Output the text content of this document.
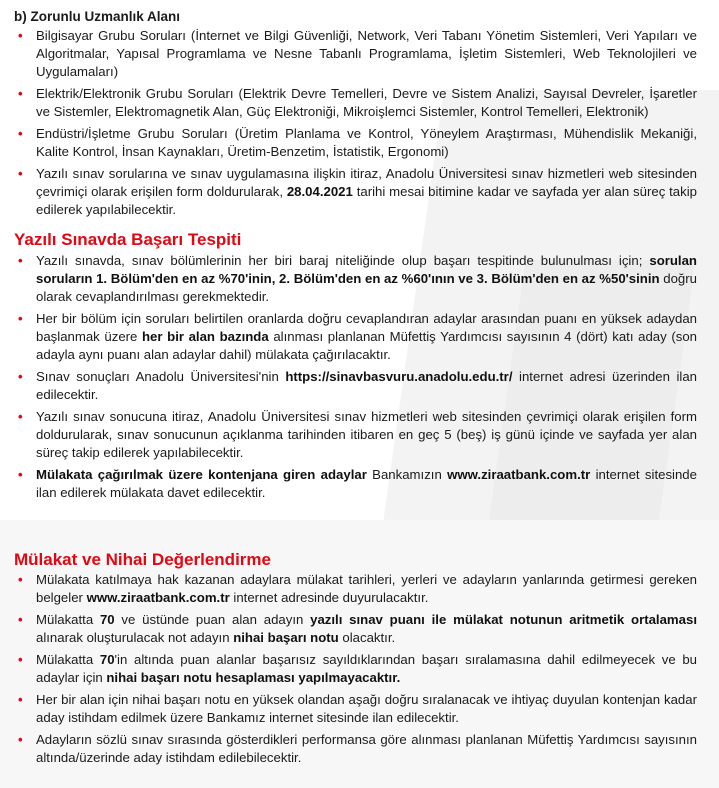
b) Zorunlu Uzmanlık Alanı
• Bilgisayar Grubu Soruları (İnternet ve Bilgi Güvenliği, Network, Veri Tabanı Yönetim Sistemleri, Veri Yapıları ve Algoritmalar, Yapısal Programlama ve Nesne Tabanlı Programlama, İşletim Sistemleri, Web Teknolojileri ve Uygulamaları)
• Elektrik/Elektronik Grubu Soruları (Elektrik Devre Temelleri, Devre ve Sistem Analizi, Sayısal Devreler, İşaretler ve Sistemler, Elektromagnetik Alan, Güç Elektroniği, Mikroişlemci Sistemler, Kontrol Temelleri, Elektronik)
• Endüstri/İşletme Grubu Soruları (Üretim Planlama ve Kontrol, Yöneylem Araştırması, Mühendislik Mekaniği, Kalite Kontrol, İnsan Kaynakları, Üretim-Benzetim, İstatistik, Ergonomi)
• Yazılı sınav sorularına ve sınav uygulamasına ilişkin itiraz, Anadolu Üniversitesi sınav hizmetleri web sitesinden çevrimiçi olarak erişilen form doldurularak, 28.04.2021 tarihi mesai bitimine kadar ve sayfada yer alan süreç takip edilerek yapılabilecektir.
Yazılı Sınavda Başarı Tespiti
• Yazılı sınavda, sınav bölümlerinin her biri baraj niteliğinde olup başarı tespitinde bulunulması için; sorulan soruların 1. Bölüm'den en az %70'inin, 2. Bölüm'den en az %60'ının ve 3. Bölüm'den en az %50'sinin doğru olarak cevaplandırılması gerekmektedir.
• Her bir bölüm için soruları belirtilen oranlarda doğru cevaplandıran adaylar arasından puanı en yüksek adaydan başlanmak üzere her bir alan bazında alınması planlanan Müfettiş Yardımcısı sayısının 4 (dört) katı aday (son adayla aynı puanı alan adaylar dahil) mülakata çağırılacaktır.
• Sınav sonuçları Anadolu Üniversitesi'nin https://sinavbasvuru.anadolu.edu.tr/ internet adresi üzerinden ilan edilecektir.
• Yazılı sınav sonucuna itiraz, Anadolu Üniversitesi sınav hizmetleri web sitesinden çevrimiçi olarak erişilen form doldurularak, sınav sonucunun açıklanma tarihinden itibaren en geç 5 (beş) iş günü içinde ve sayfada yer alan süreç takip edilerek yapılabilecektir.
• Mülakata çağırılmak üzere kontenjana giren adaylar Bankamızın www.ziraatbank.com.tr internet sitesinde ilan edilerek mülakata davet edilecektir.
Mülakat ve Nihai Değerlendirme
• Mülakata katılmaya hak kazanan adaylara mülakat tarihleri, yerleri ve adayların yanlarında getirmesi gereken belgeler www.ziraatbank.com.tr internet adresinde duyurulacaktır.
• Mülakatta 70 ve üstünde puan alan adayın yazılı sınav puanı ile mülakat notunun aritmetik ortalaması alınarak oluşturulacak not adayın nihai başarı notu olacaktır.
• Mülakatta 70'in altında puan alanlar başarısız sayıldıklarından başarı sıralamasına dahil edilmeyecek ve bu adaylar için nihai başarı notu hesaplaması yapılmayacaktır.
• Her bir alan için nihai başarı notu en yüksek olandan aşağı doğru sıralanacak ve ihtiyaç duyulan kontenjan kadar aday istihdam edilmek üzere Bankamız internet sitesinde ilan edilecektir.
• Adayların sözlü sınav sırasında gösterdikleri performansa göre alınması planlanan Müfettiş Yardımcısı sayısının altında/üzerinde aday istihdam edilebilecektir.
